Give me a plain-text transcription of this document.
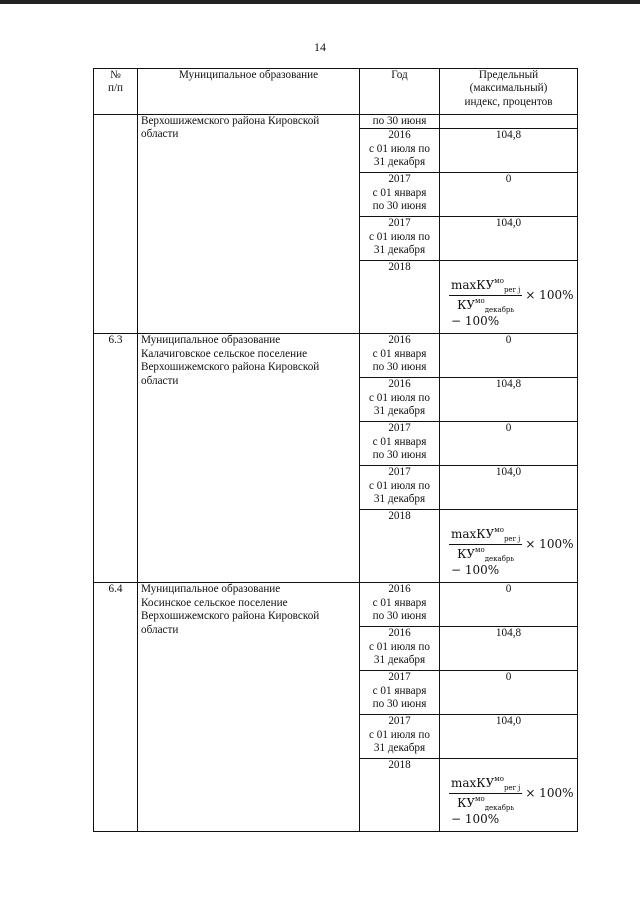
14
№
п/п	Муниципальное образование	Год	Предельный
(максимальный)
индекс, процентов
	Верхошижемского района Кировской
области	по 30 июня	
		2016
с 01 июля по
31 декабря	104,8
		2017
с 01 января
по 30 июня	0
		2017
с 01 июля по
31 декабря	104,0
		2018	$\frac{\max КУ^{мо}_{per j}}{КУ^{мо}_{декабрь}} \times 100\%$
− 100%

6.3	Муниципальное образование
Калачиговское сельское поселение
Верхошижемского района Кировской
области	2016
с 01 января
по 30 июня	0
		2016
с 01 июля по
31 декабря	104,8
		2017
с 01 января
по 30 июня	0
		2017
с 01 июля по
31 декабря	104,0
		2018	$\frac{\max КУ^{мо}_{per j}}{КУ^{мо}_{декабрь}} \times 100\%$
− 100%

6.4	Муниципальное образование
Косинское сельское поселение
Верхошижемского района Кировской
области	2016
с 01 января
по 30 июня	0
		2016
с 01 июля по
31 декабря	104,8
		2017
с 01 января
по 30 июня	0
		2017
с 01 июля по
31 декабря	104,0
		2018	$\frac{\max КУ^{мо}_{per j}}{КУ^{мо}_{декабрь}} \times 100\%$
− 100%
